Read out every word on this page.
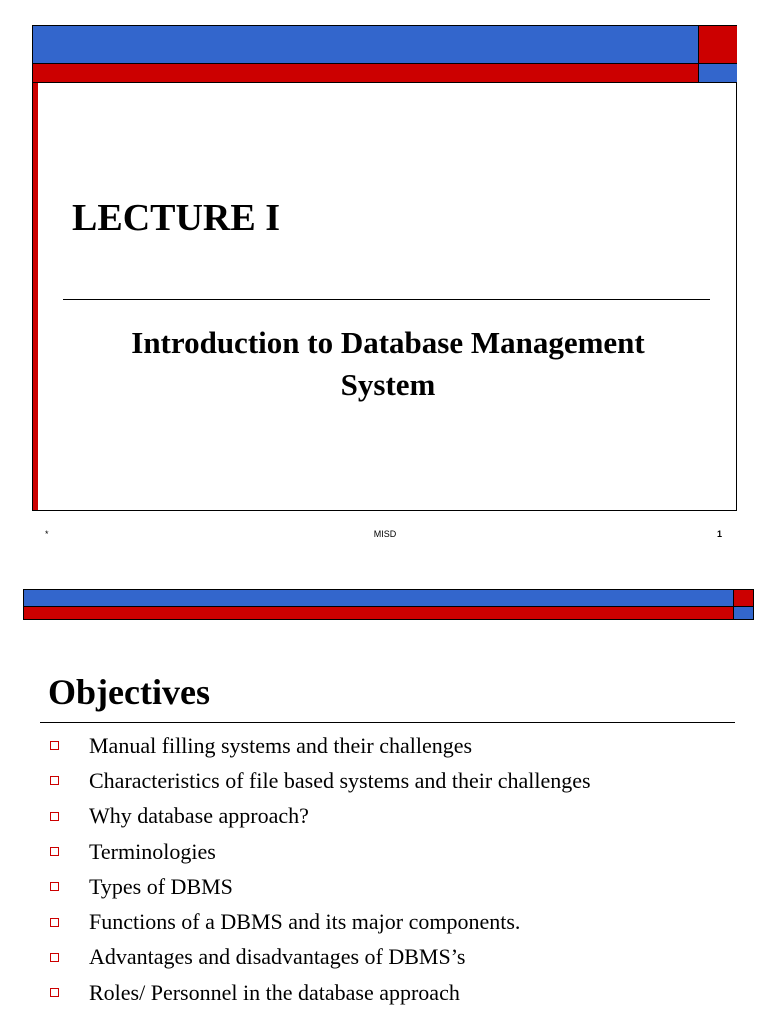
LECTURE I
Introduction to Database Management
System
*	MISD	1
Objectives
Manual filling systems and their challenges
Characteristics of file based systems and their challenges
Why database approach?
Terminologies
Types of DBMS
Functions of a DBMS and its major components.
Advantages and disadvantages of DBMS’s
Roles/ Personnel in the database approach
